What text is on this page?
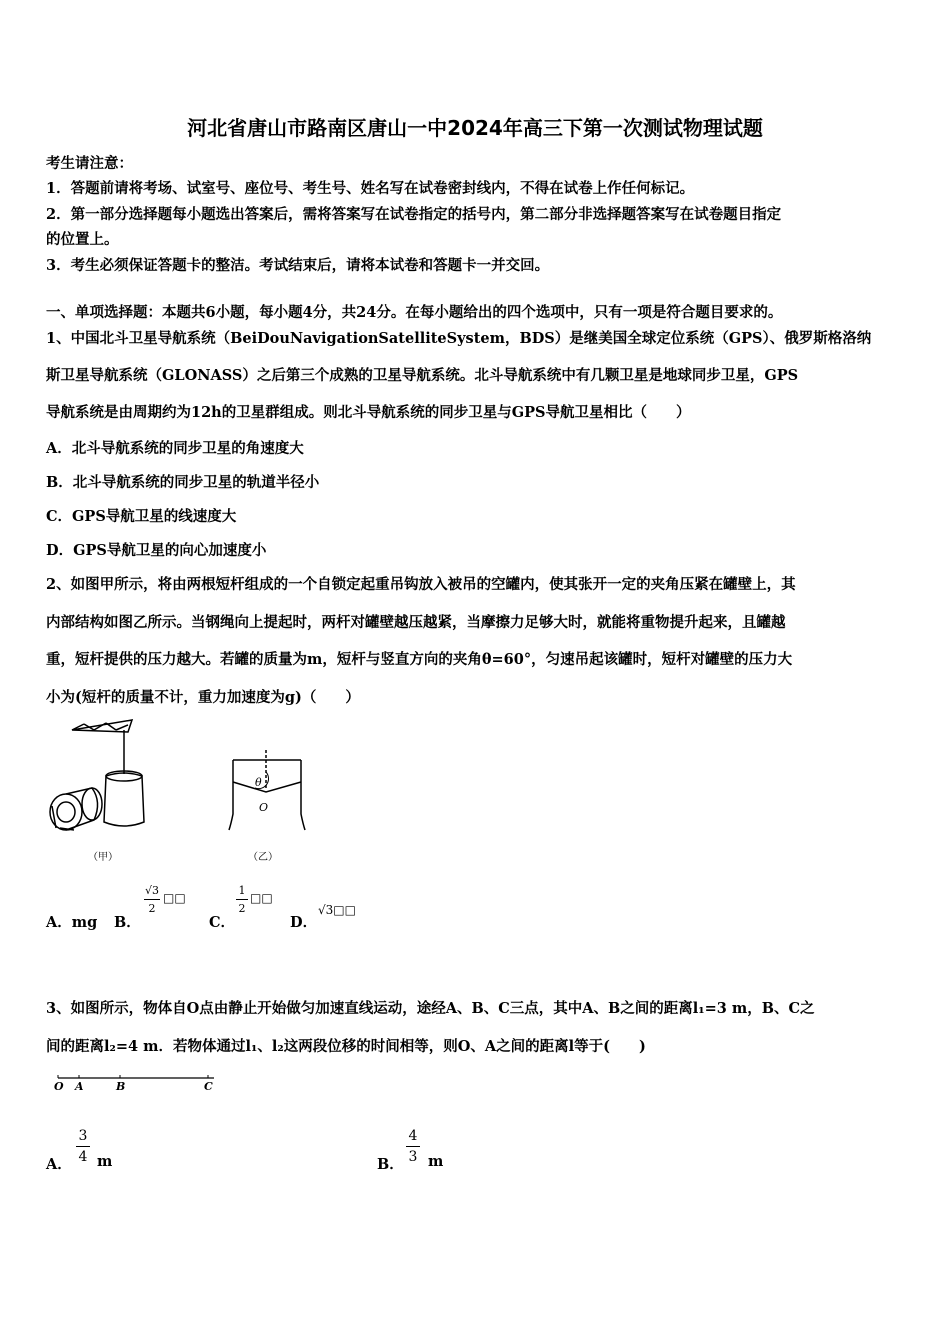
河北省唐山市路南区唐山一中2024年高三下第一次测试物理试题
考生请注意：
1．答题前请将考场、试室号、座位号、考生号、姓名写在试卷密封线内，不得在试卷上作任何标记。
2．第一部分选择题每小题选出答案后，需将答案写在试卷指定的括号内，第二部分非选择题答案写在试卷题目指定
的位置上。
3．考生必须保证答题卡的整洁。考试结束后，请将本试卷和答题卡一并交回。
一、单项选择题：本题共6小题，每小题4分，共24分。在每小题给出的四个选项中，只有一项是符合题目要求的。
1、中国北斗卫星导航系统（BeiDouNavigationSatelliteSystem，BDS）是继美国全球定位系统（GPS）、俄罗斯格洛纳
斯卫星导航系统（GLONASS）之后第三个成熟的卫星导航系统。北斗导航系统中有几颗卫星是地球同步卫星，GPS
导航系统是由周期约为12h的卫星群组成。则北斗导航系统的同步卫星与GPS导航卫星相比（　　）
A．北斗导航系统的同步卫星的角速度大
B．北斗导航系统的同步卫星的轨道半径小
C．GPS导航卫星的线速度大
D．GPS导航卫星的向心加速度小
2、如图甲所示，将由两根短杆组成的一个自锁定起重吊钩放入被吊的空罐内，使其张开一定的夹角压紧在罐壁上，其
内部结构如图乙所示。当钢绳向上提起时，两杆对罐壁越压越紧，当摩擦力足够大时，就能将重物提升起来，且罐越
重，短杆提供的压力越大。若罐的质量为m，短杆与竖直方向的夹角θ=60°，匀速吊起该罐时，短杆对罐壁的压力大
小为(短杆的质量不计，重力加速度为g)（　　）
（甲）
θ
O
（乙）
A．mg B．
√3
2
□□
C．
1
2
□□
D．
√3□□
3、如图所示，物体自O点由静止开始做匀加速直线运动，途经A、B、C三点，其中A、B之间的距离l₁=3 m，B、C之
间的距离l₂=4 m．若物体通过l₁、l₂这两段位移的时间相等，则O、A之间的距离l等于(　　)
O A	B	C
A．
3
4 m	B．
4
3 m
